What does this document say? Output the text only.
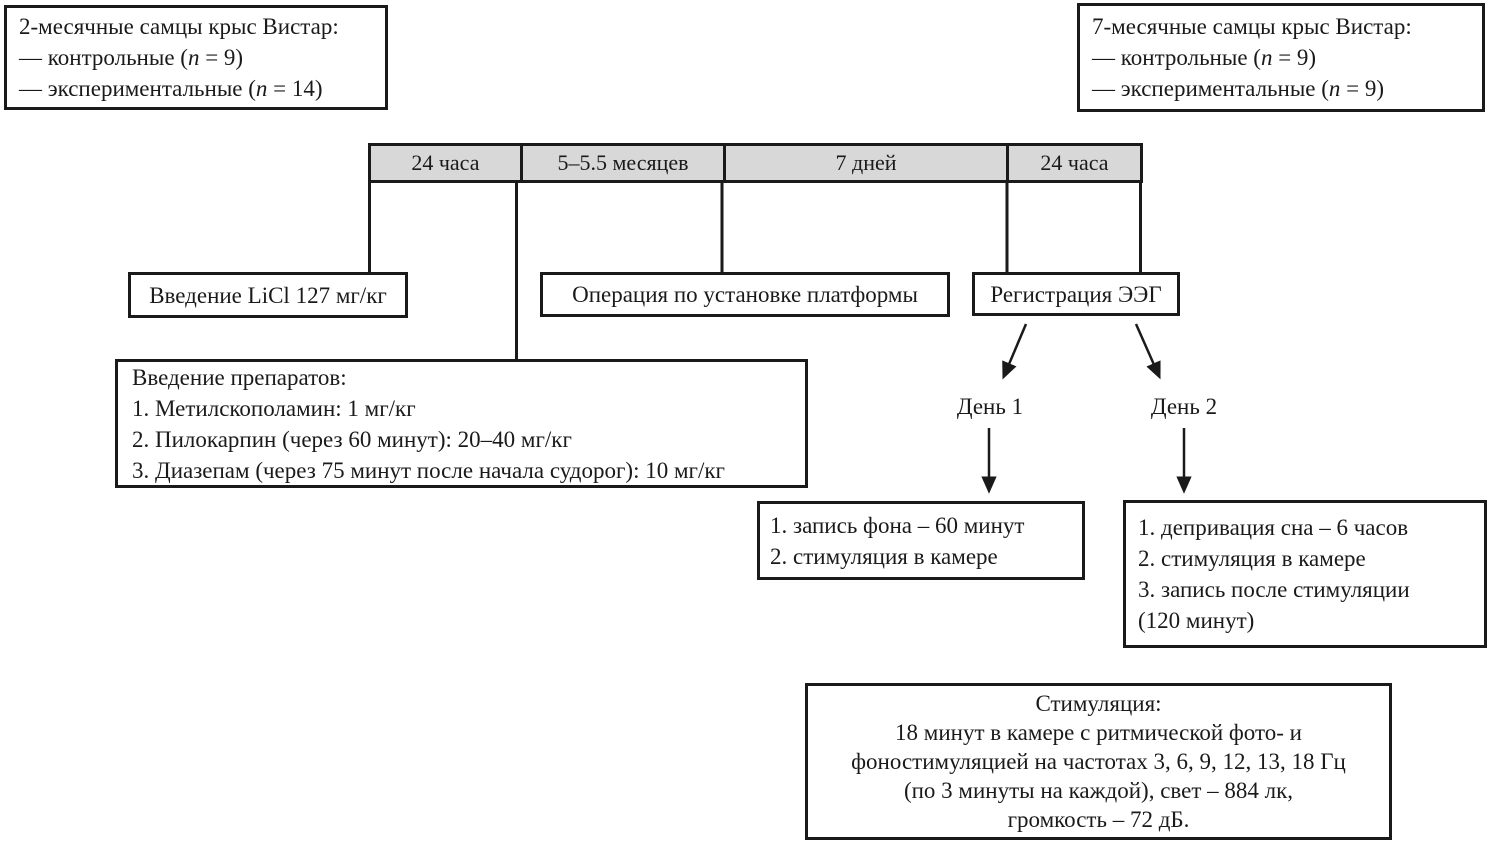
2-месячные самцы крыс Вистар:
— контрольные (n = 9)
— экспериментальные (n = 14)
7-месячные самцы крыс Вистар:
— контрольные (n = 9)
— экспериментальные (n = 9)
24 часа	5–5.5 месяцев	7 дней	24 часа
Введение LiCl 127 мг/кг	Операция по установке платформы	Регистрация ЭЭГ
Введение препаратов:
1. Метилскополамин: 1 мг/кг
2. Пилокарпин (через 60 минут): 20–40 мг/кг
3. Диазепам (через 75 минут после начала судорог): 10 мг/кг
День 1	День 2
1. запись фона – 60 минут
2. стимуляция в камере
1. депривация сна – 6 часов
2. стимуляция в камере
3. запись после стимуляции
(120 минут)
Стимуляция:
18 минут в камере с ритмической фото- и
фоностимуляцией на частотах 3, 6, 9, 12, 13, 18 Гц
(по 3 минуты на каждой), свет – 884 лк,
громкость – 72 дБ.
